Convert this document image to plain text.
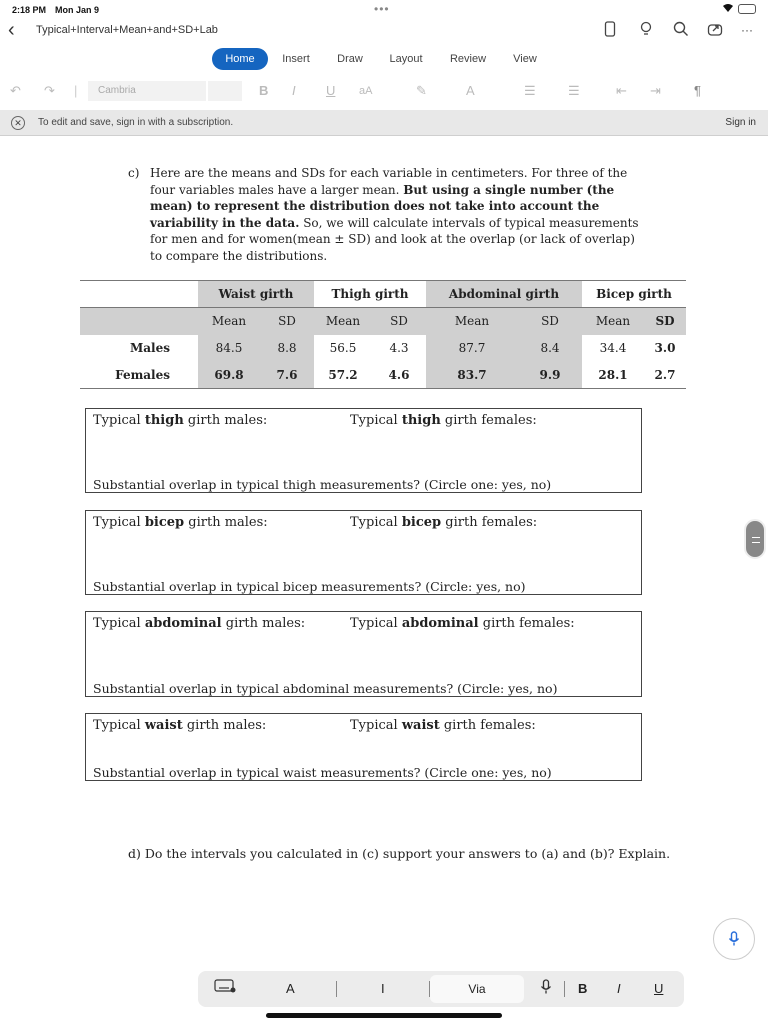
2:18 PM Mon Jan 9	•••
‹ Typical+Interval+Mean+and+SD+Lab	···
Home	Insert	Draw	Layout	Review	View
↶ ↷ |	Cambria	B I U aA	✎	A	☰ ☰	⇤ ⇥	¶
✕	To edit and save, sign in with a subscription.	Sign in
c) Here are the means and SDs for each variable in centimeters. For three of the four variables males have a larger mean. But using a single number (the mean) to represent the distribution does not take into account the variability in the data. So, we will calculate intervals of typical measurements for men and for women(mean ± SD) and look at the overlap (or lack of overlap) to compare the distributions.
	Waist girth		Thigh girth		Abdominal girth		Bicep girth	
	Mean	SD	Mean	SD	Mean	SD	Mean	SD
Males	84.5	8.8	56.5	4.3	87.7	8.4	34.4	3.0
Females	69.8	7.6	57.2	4.6	83.7	9.9	28.1	2.7
Typical thigh girth males:	Typical thigh girth females:
Substantial overlap in typical thigh measurements? (Circle one: yes, no)
Typical bicep girth males:	Typical bicep girth females:
Substantial overlap in typical bicep measurements? (Circle: yes, no)
Typical abdominal girth males:	Typical abdominal girth females:
Substantial overlap in typical abdominal measurements? (Circle: yes, no)
Typical waist girth males:	Typical waist girth females:
Substantial overlap in typical waist measurements? (Circle one: yes, no)
d) Do the intervals you calculated in (c) support your answers to (a) and (b)? Explain.
A	I	Via	B I	U
